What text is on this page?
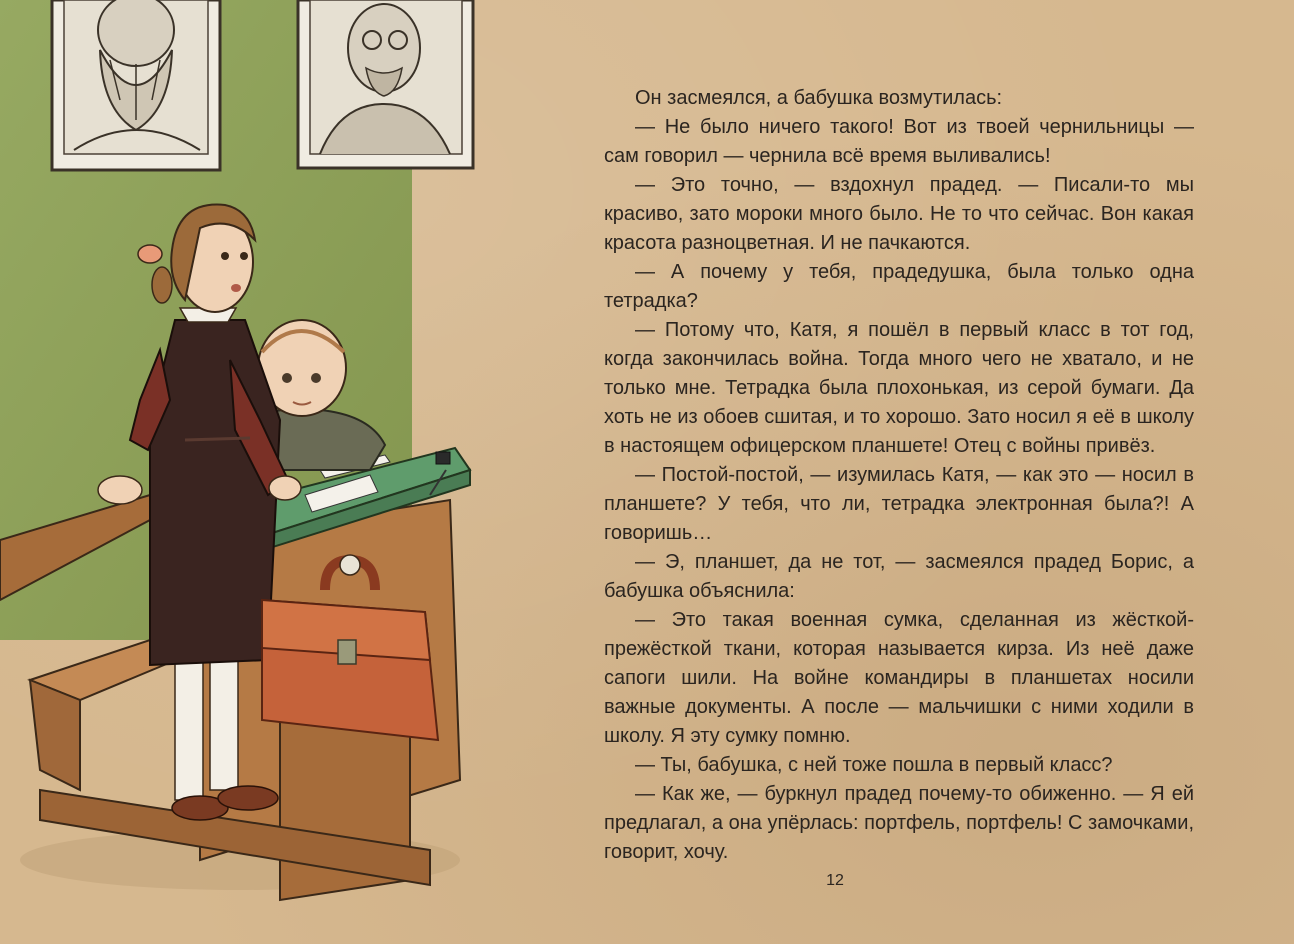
Он засмеялся, а бабушка возмутилась:

— Не было ничего такого! Вот из твоей чернильницы — сам говорил — чернила всё время выливались!

— Это точно, — вздохнул прадед. — Писали-то мы красиво, зато мороки много было. Не то что сейчас. Вон какая красота разноцветная. И не пачкаются.

— А почему у тебя, прадедушка, была только одна тетрадка?

— Потому что, Катя, я пошёл в первый класс в тот год, когда закончилась война. Тогда много чего не хватало, и не только мне. Тетрадка была плохонькая, из серой бумаги. Да хоть не из обоев сшитая, и то хорошо. Зато носил я её в школу в настоящем офицерском планшете! Отец с войны привёз.

— Постой-постой, — изумилась Катя, — как это — носил в планшете? У тебя, что ли, тетрадка электронная была?! А говоришь…

— Э, планшет, да не тот, — засмеялся прадед Борис, а бабушка объяснила:

— Это такая военная сумка, сделанная из жёсткой-прежёсткой ткани, которая называется кирза. Из неё даже сапоги шили. На войне командиры в планшетах носили важные документы. А после — мальчишки с ними ходили в школу. Я эту сумку помню.

— Ты, бабушка, с ней тоже пошла в первый класс?

— Как же, — буркнул прадед почему-то обиженно. — Я ей предлагал, а она упёрлась: портфель, портфель! С замочками, говорит, хочу.

12
